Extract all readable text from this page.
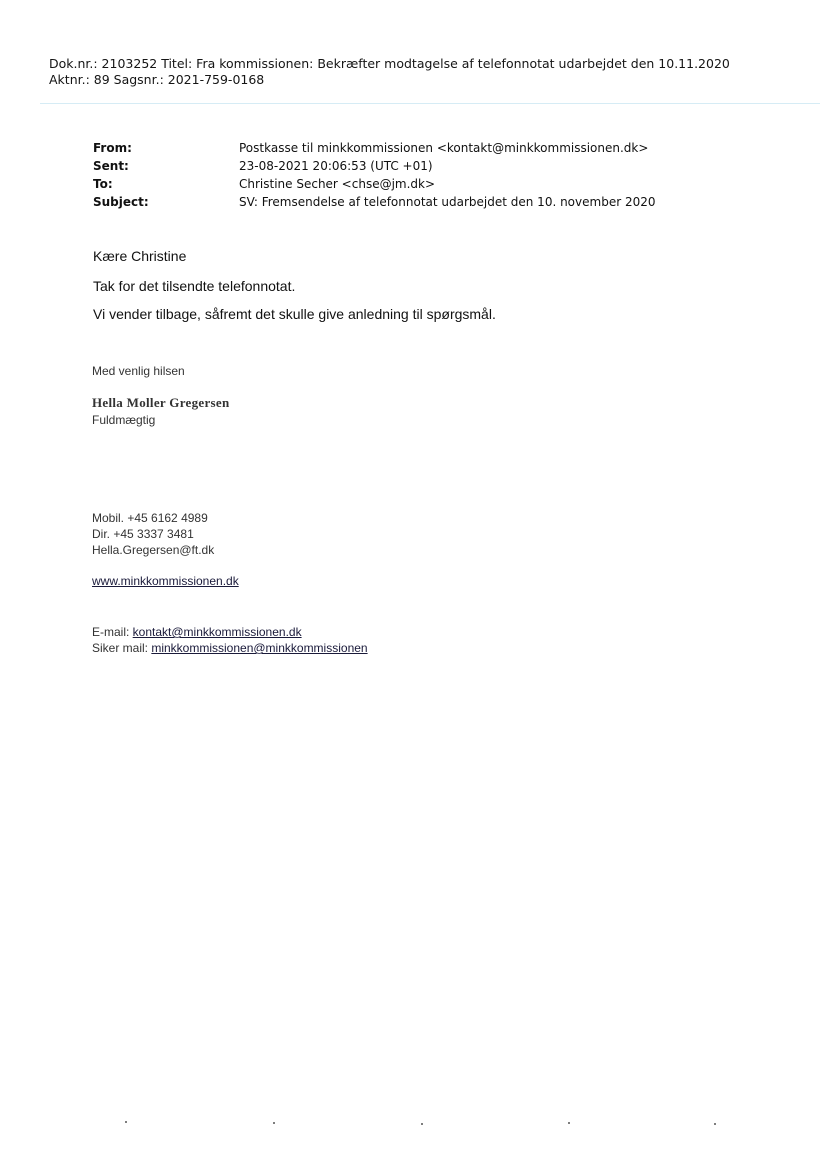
Dok.nr.: 2103252 Titel: Fra kommissionen: Bekræfter modtagelse af telefonnotat udarbejdet den 10.11.2020
Aktnr.: 89 Sagsnr.: 2021-759-0168
From:	Postkasse til minkkommissionen <kontakt@minkkommissionen.dk>
Sent:	23-08-2021 20:06:53 (UTC +01)
To:	Christine Secher <chse@jm.dk>
Subject:	SV: Fremsendelse af telefonnotat udarbejdet den 10. november 2020
Kære Christine
Tak for det tilsendte telefonnotat.
Vi vender tilbage, såfremt det skulle give anledning til spørgsmål.
Med venlig hilsen
Hella Moller Gregersen
Fuldmægtig
Mobil. +45 6162 4989
Dir. +45 3337 3481
Hella.Gregersen@ft.dk
www.minkkommissionen.dk
E-mail: kontakt@minkkommissionen.dk
Siker mail: minkkommissionen@minkkommissionen
